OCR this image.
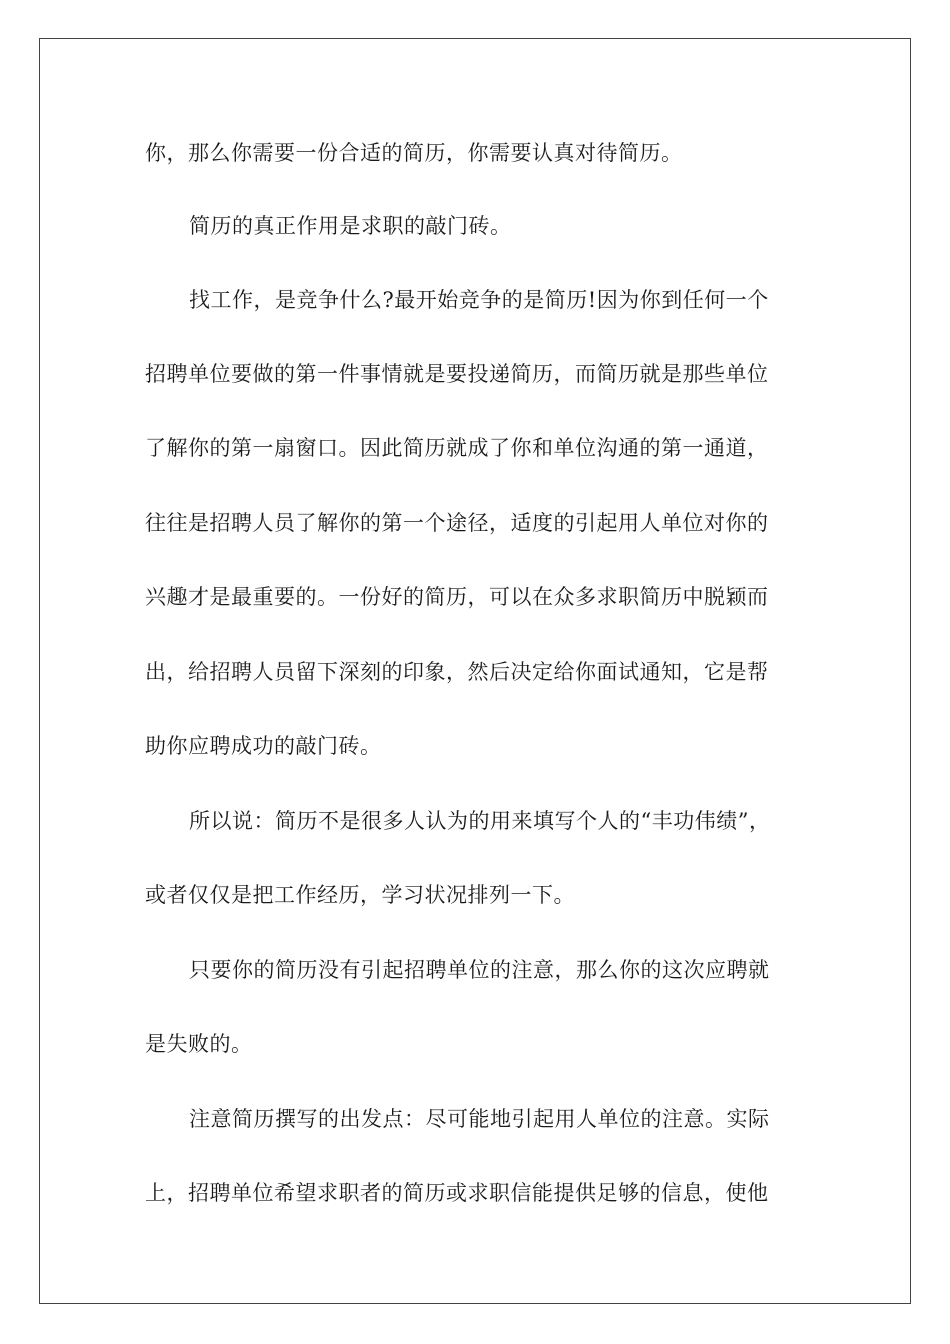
你，那么你需要一份合适的简历，你需要认真对待简历。
简历的真正作用是求职的敲门砖。
找工作，是竞争什么?最开始竞争的是简历!因为你到任何一个
招聘单位要做的第一件事情就是要投递简历，而简历就是那些单位
了解你的第一扇窗口。因此简历就成了你和单位沟通的第一通道，
往往是招聘人员了解你的第一个途径，适度的引起用人单位对你的
兴趣才是最重要的。一份好的简历，可以在众多求职简历中脱颖而
出，给招聘人员留下深刻的印象，然后决定给你面试通知，它是帮
助你应聘成功的敲门砖。
所以说：简历不是很多人认为的用来填写个人的“丰功伟绩”，
或者仅仅是把工作经历，学习状况排列一下。
只要你的简历没有引起招聘单位的注意，那么你的这次应聘就
是失败的。
注意简历撰写的出发点：尽可能地引起用人单位的注意。实际
上，招聘单位希望求职者的简历或求职信能提供足够的信息，使他
